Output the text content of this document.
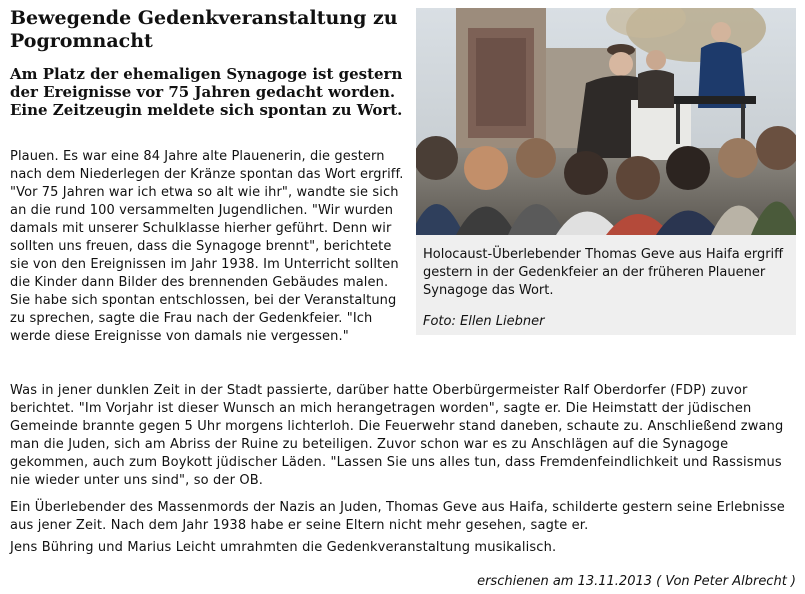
Bewegende Gedenkveranstaltung zu Pogromnacht

Am Platz der ehemaligen Synagoge ist gestern der Ereignisse vor 75 Jahren gedacht worden. Eine Zeitzeugin meldete sich spontan zu Wort.

Plauen. Es war eine 84 Jahre alte Plauenerin, die gestern nach dem Niederlegen der Kränze spontan das Wort ergriff. "Vor 75 Jahren war ich etwa so alt wie ihr", wandte sie sich an die rund 100 versammelten Jugendlichen. "Wir wurden damals mit unserer Schulklasse hierher geführt. Denn wir sollten uns freuen, dass die Synagoge brennt", berichtete sie von den Ereignissen im Jahr 1938. Im Unterricht sollten die Kinder dann Bilder des brennenden Gebäudes malen. Sie habe sich spontan entschlossen, bei der Veranstaltung zu sprechen, sagte die Frau nach der Gedenkfeier. "Ich werde diese Ereignisse von damals nie vergessen."

Holocaust-Überlebender Thomas Geve aus Haifa ergriff gestern in der Gedenkfeier an der früheren Plauener Synagoge das Wort.

Foto: Ellen Liebner

Was in jener dunklen Zeit in der Stadt passierte, darüber hatte Oberbürgermeister Ralf Oberdorfer (FDP) zuvor berichtet. "Im Vorjahr ist dieser Wunsch an mich herangetragen worden", sagte er. Die Heimstatt der jüdischen Gemeinde brannte gegen 5 Uhr morgens lichterloh. Die Feuerwehr stand daneben, schaute zu. Anschließend zwang man die Juden, sich am Abriss der Ruine zu beteiligen. Zuvor schon war es zu Anschlägen auf die Synagoge gekommen, auch zum Boykott jüdischer Läden. "Lassen Sie uns alles tun, dass Fremdenfeindlichkeit und Rassismus nie wieder unter uns sind", so der OB.

Ein Überlebender des Massenmords der Nazis an Juden, Thomas Geve aus Haifa, schilderte gestern seine Erlebnisse aus jener Zeit. Nach dem Jahr 1938 habe er seine Eltern nicht mehr gesehen, sagte er.

Jens Bühring und Marius Leicht umrahmten die Gedenkveranstaltung musikalisch.

erschienen am 13.11.2013 ( Von Peter Albrecht )
